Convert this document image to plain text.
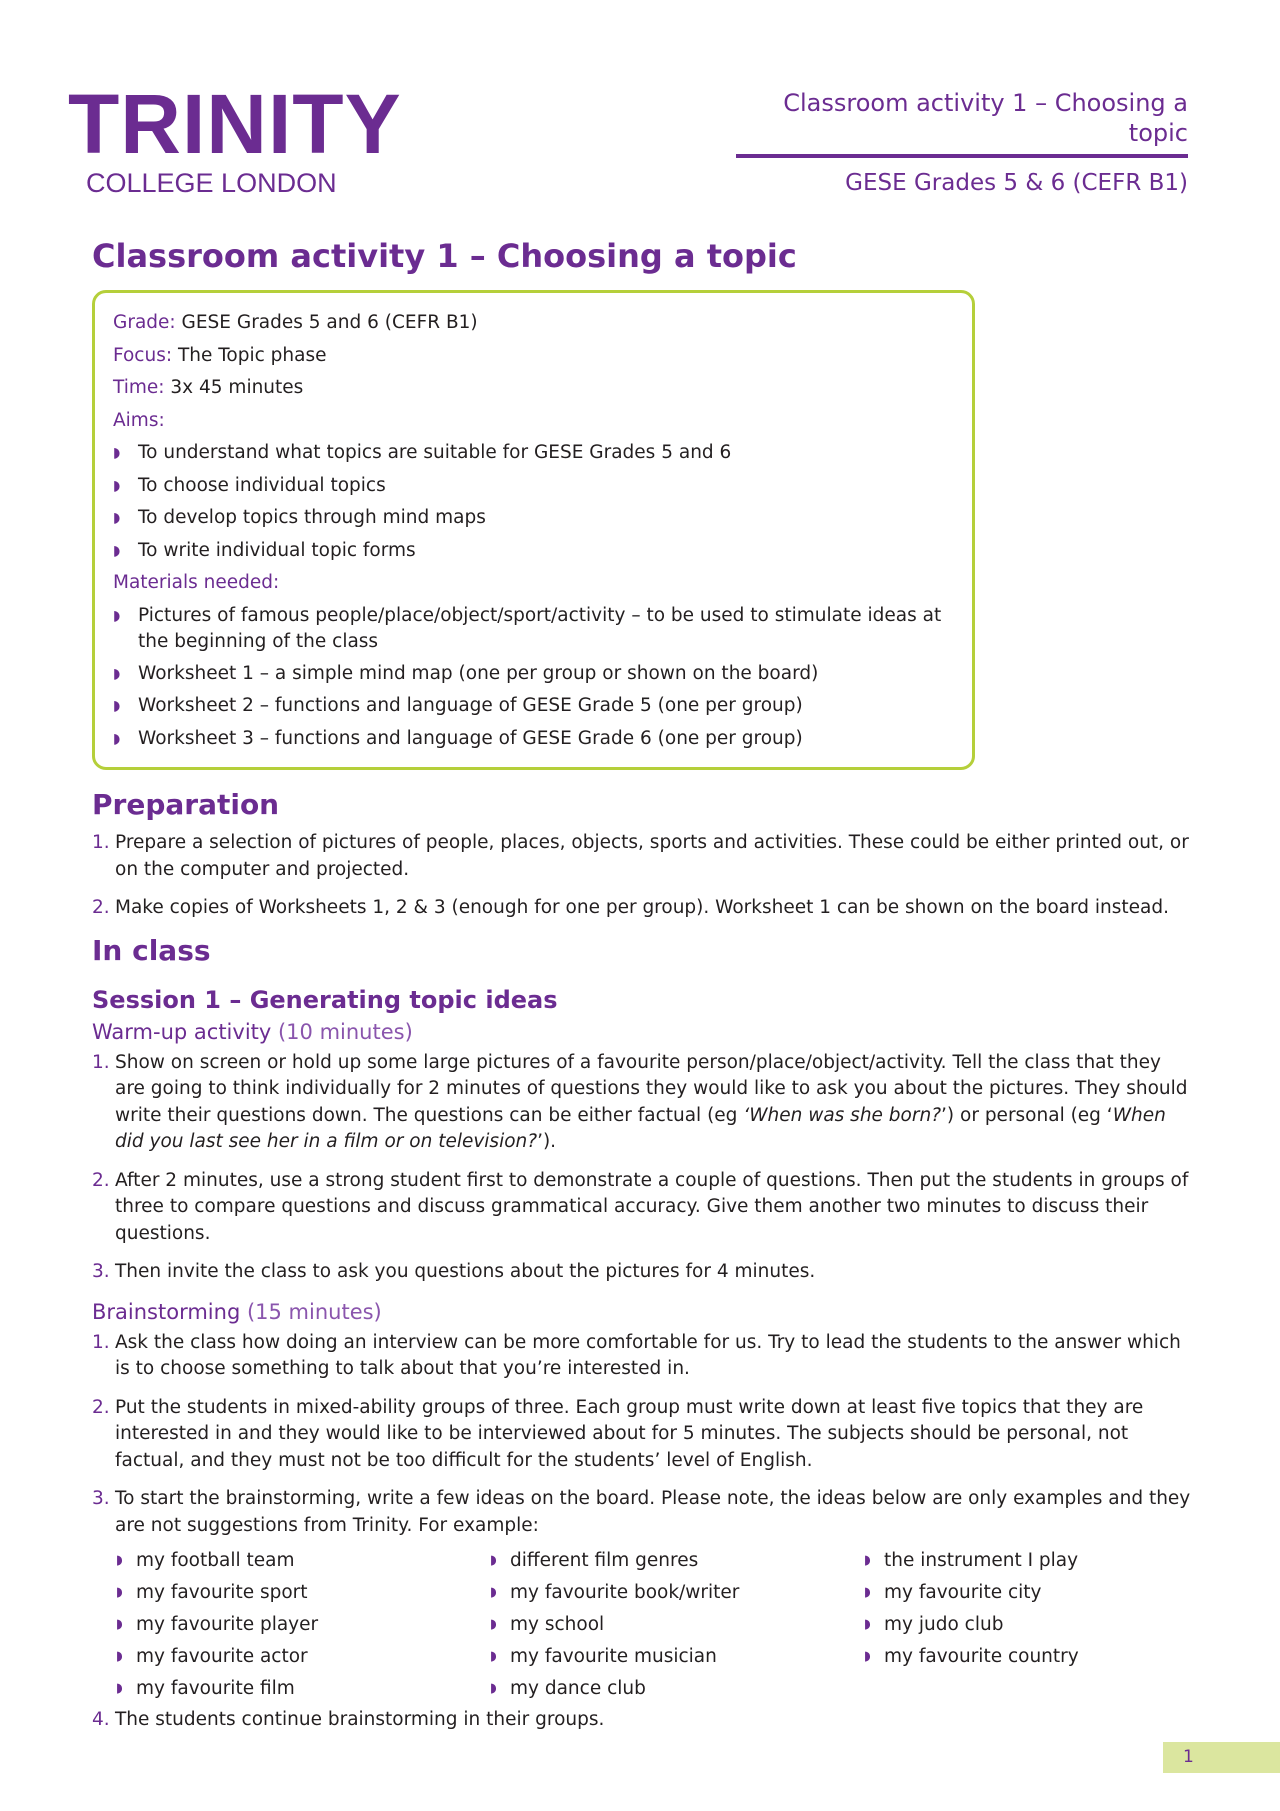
TRINITY
COLLEGE LONDON
Classroom activity 1 – Choosing a topic
GESE Grades 5 & 6 (CEFR B1)
Classroom activity 1 – Choosing a topic
Grade: GESE Grades 5 and 6 (CEFR B1)
Focus: The Topic phase
Time: 3x 45 minutes
Aims:
◗ To understand what topics are suitable for GESE Grades 5 and 6
◗ To choose individual topics
◗ To develop topics through mind maps
◗ To write individual topic forms
Materials needed:
◗ Pictures of famous people/place/object/sport/activity – to be used to stimulate ideas at the beginning of the class
◗ Worksheet 1 – a simple mind map (one per group or shown on the board)
◗ Worksheet 2 – functions and language of GESE Grade 5 (one per group)
◗ Worksheet 3 – functions and language of GESE Grade 6 (one per group)
Preparation
1. Prepare a selection of pictures of people, places, objects, sports and activities. These could be either printed out, or on the computer and projected.
2. Make copies of Worksheets 1, 2 & 3 (enough for one per group). Worksheet 1 can be shown on the board instead.
In class
Session 1 – Generating topic ideas
Warm-up activity (10 minutes)
1. Show on screen or hold up some large pictures of a favourite person/place/object/activity. Tell the class that they are going to think individually for 2 minutes of questions they would like to ask you about the pictures. They should write their questions down. The questions can be either factual (eg ‘When was she born?’) or personal (eg ‘When did you last see her in a film or on television?’).
2. After 2 minutes, use a strong student first to demonstrate a couple of questions. Then put the students in groups of three to compare questions and discuss grammatical accuracy. Give them another two minutes to discuss their questions.
3. Then invite the class to ask you questions about the pictures for 4 minutes.
Brainstorming (15 minutes)
1. Ask the class how doing an interview can be more comfortable for us. Try to lead the students to the answer which is to choose something to talk about that you’re interested in.
2. Put the students in mixed-ability groups of three. Each group must write down at least five topics that they are interested in and they would like to be interviewed about for 5 minutes. The subjects should be personal, not factual, and they must not be too difficult for the students’ level of English.
3. To start the brainstorming, write a few ideas on the board. Please note, the ideas below are only examples and they are not suggestions from Trinity. For example:
◗ my football team	◗ different film genres	◗ the instrument I play
◗ my favourite sport	◗ my favourite book/writer	◗ my favourite city
◗ my favourite player	◗ my school	◗ my judo club
◗ my favourite actor	◗ my favourite musician	◗ my favourite country
◗ my favourite film	◗ my dance club
4. The students continue brainstorming in their groups.
1
